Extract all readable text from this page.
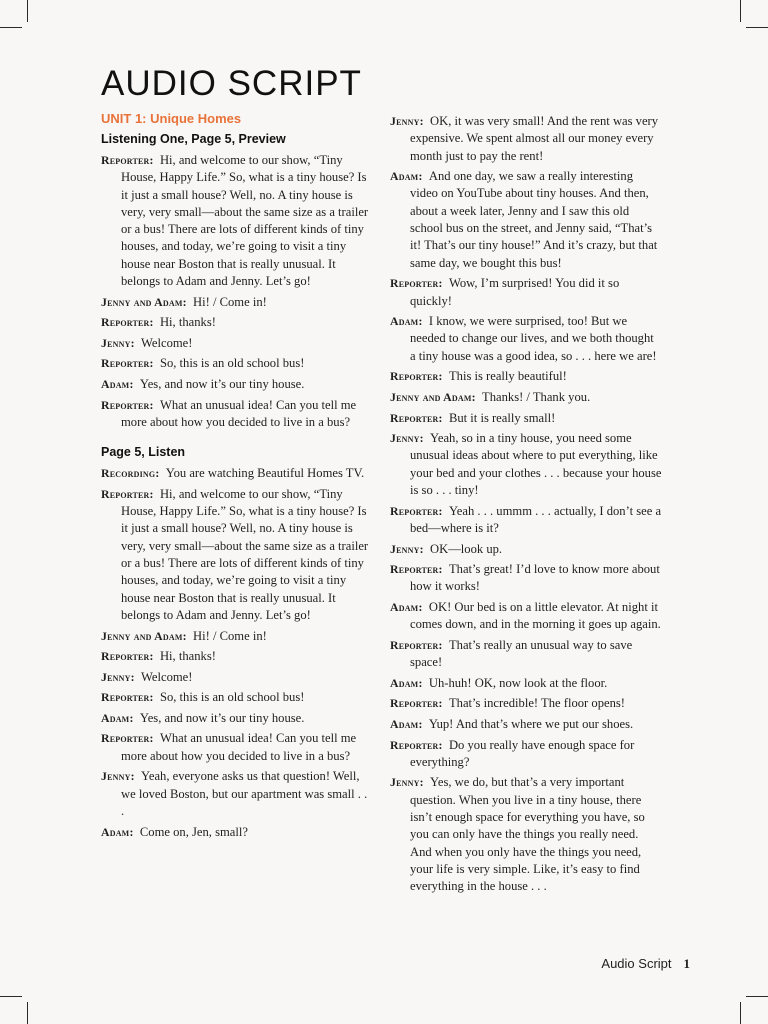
AUDIO SCRIPT
UNIT 1: Unique Homes
Listening One, Page 5, Preview

Reporter : Hi, and welcome to our show, “Tiny House, Happy Life.” So, what is a tiny house? Is it just a small house? Well, no. A tiny house is very, very small—about the same size as a trailer or a bus! There are lots of different kinds of tiny houses, and today, we’re going to visit a tiny house near Boston that is really unusual. It belongs to Adam and Jenny. Let’s go!

Jenny and Adam : Hi! / Come in!

Reporter : Hi, thanks!

Jenny : Welcome!

Reporter : So, this is an old school bus!

Adam : Yes, and now it’s our tiny house.

Reporter : What an unusual idea! Can you tell me more about how you decided to live in a bus?

Page 5, Listen

Recording : You are watching Beautiful Homes TV.

Reporter : Hi, and welcome to our show, “Tiny House, Happy Life.” So, what is a tiny house? Is it just a small house? Well, no. A tiny house is very, very small—about the same size as a trailer or a bus! There are lots of different kinds of tiny houses, and today, we’re going to visit a tiny house near Boston that is really unusual. It belongs to Adam and Jenny. Let’s go!

Jenny and Adam : Hi! / Come in!

Reporter : Hi, thanks!

Jenny : Welcome!

Reporter : So, this is an old school bus!

Adam : Yes, and now it’s our tiny house.

Reporter : What an unusual idea! Can you tell me more about how you decided to live in a bus?

Jenny : Yeah, everyone asks us that question! Well, we loved Boston, but our apartment was small . . .

Adam : Come on, Jen, small?

Jenny : OK, it was very small! And the rent was very expensive. We spent almost all our money every month just to pay the rent!

Adam : And one day, we saw a really interesting video on YouTube about tiny houses. And then, about a week later, Jenny and I saw this old school bus on the street, and Jenny said, “That’s it! That’s our tiny house!” And it’s crazy, but that same day, we bought this bus!

Reporter : Wow, I’m surprised! You did it so quickly!

Adam : I know, we were surprised, too! But we needed to change our lives, and we both thought a tiny house was a good idea, so . . . here we are!

Reporter : This is really beautiful!

Jenny and Adam : Thanks! / Thank you.

Reporter : But it is really small!

Jenny : Yeah, so in a tiny house, you need some unusual ideas about where to put everything, like your bed and your clothes . . . because your house is so . . . tiny!

Reporter : Yeah . . . ummm . . . actually, I don’t see a bed—where is it?

Jenny : OK—look up.

Reporter : That’s great! I’d love to know more about how it works!

Adam : OK! Our bed is on a little elevator. At night it comes down, and in the morning it goes up again.

Reporter : That’s really an unusual way to save space!

Adam : Uh-huh! OK, now look at the floor.

Reporter : That’s incredible! The floor opens!

Adam : Yup! And that’s where we put our shoes.

Reporter : Do you really have enough space for everything?

Jenny : Yes, we do, but that’s a very important question. When you live in a tiny house, there isn’t enough space for everything you have, so you can only have the things you really need. And when you only have the things you need, your life is very simple. Like, it’s easy to find everything in the house . . .

Audio Script 1
